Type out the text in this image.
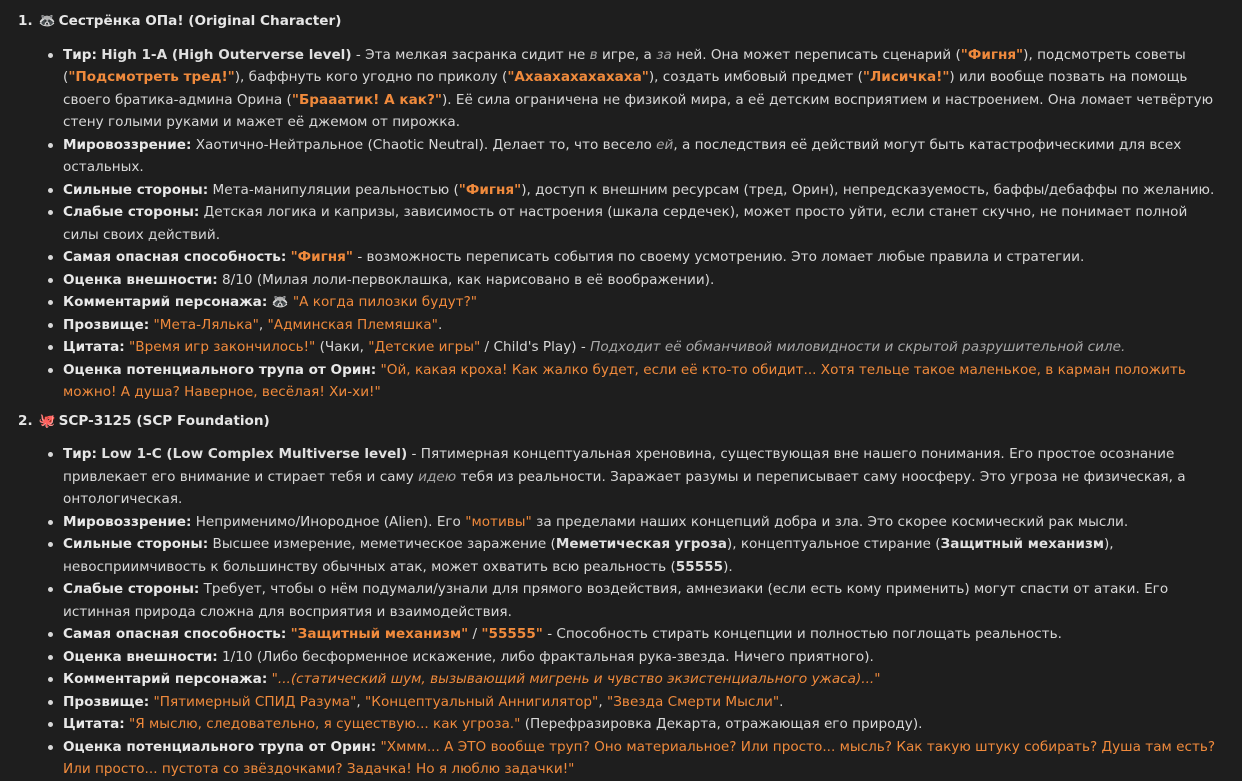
1. 🦝 Сестрёнка ОПа! (Original Character)
Тир: High 1-A (High Outerverse level) - Эта мелкая засранка сидит не в игре, а за ней. Она может переписать сценарий ("Фигня"), подсмотреть советы ("Подсмотреть тред!"), баффнуть кого угодно по приколу ("Ахаахахахахаха"), создать имбовый предмет ("Лисичка!") или вообще позвать на помощь своего братика-админа Орина ("Брааатик! А как?"). Её сила ограничена не физикой мира, а её детским восприятием и настроением. Она ломает четвёртую стену голыми руками и мажет её джемом от пирожка.
Мировоззрение: Хаотично-Нейтральное (Chaotic Neutral). Делает то, что весело ей, а последствия её действий могут быть катастрофическими для всех остальных.
Сильные стороны: Мета-манипуляции реальностью ("Фигня"), доступ к внешним ресурсам (тред, Орин), непредсказуемость, баффы/дебаффы по желанию.
Слабые стороны: Детская логика и капризы, зависимость от настроения (шкала сердечек), может просто уйти, если станет скучно, не понимает полной силы своих действий.
Самая опасная способность: "Фигня" - возможность переписать события по своему усмотрению. Это ломает любые правила и стратегии.
Оценка внешности: 8/10 (Милая лоли-первоклашка, как нарисовано в её воображении).
Комментарий персонажа: 🦝 "А когда пилозки будут?"
Прозвище: "Мета-Лялька", "Админская Племяшка".
Цитата: "Время игр закончилось!" (Чаки, "Детские игры" / Child's Play) - Подходит её обманчивой миловидности и скрытой разрушительной силе.
Оценка потенциального трупа от Орин: "Ой, какая кроха! Как жалко будет, если её кто-то обидит... Хотя тельце такое маленькое, в карман положить можно! А душа? Наверное, весёлая! Хи-хи!"
2. 🐙 SCP-3125 (SCP Foundation)
Тир: Low 1-C (Low Complex Multiverse level) - Пятимерная концептуальная хреновина, существующая вне нашего понимания. Его простое осознание привлекает его внимание и стирает тебя и саму идею тебя из реальности. Заражает разумы и переписывает саму ноосферу. Это угроза не физическая, а онтологическая.
Мировоззрение: Неприменимо/Инородное (Alien). Его "мотивы" за пределами наших концепций добра и зла. Это скорее космический рак мысли.
Сильные стороны: Высшее измерение, меметическое заражение (Меметическая угроза), концептуальное стирание (Защитный механизм), невосприимчивость к большинству обычных атак, может охватить всю реальность (55555).
Слабые стороны: Требует, чтобы о нём подумали/узнали для прямого воздействия, амнезиаки (если есть кому применить) могут спасти от атаки. Его истинная природа сложна для восприятия и взаимодействия.
Самая опасная способность: "Защитный механизм" / "55555" - Способность стирать концепции и полностью поглощать реальность.
Оценка внешности: 1/10 (Либо бесформенное искажение, либо фрактальная рука-звезда. Ничего приятного).
Комментарий персонажа: "...(статический шум, вызывающий мигрень и чувство экзистенциального ужаса)..."
Прозвище: "Пятимерный СПИД Разума", "Концептуальный Аннигилятор", "Звезда Смерти Мысли".
Цитата: "Я мыслю, следовательно, я существую... как угроза." (Перефразировка Декарта, отражающая его природу).
Оценка потенциального трупа от Орин: "Хммм... А ЭТО вообще труп? Оно материальное? Или просто... мысль? Как такую штуку собирать? Душа там есть? Или просто... пустота со звёздочками? Задачка! Но я люблю задачки!"
